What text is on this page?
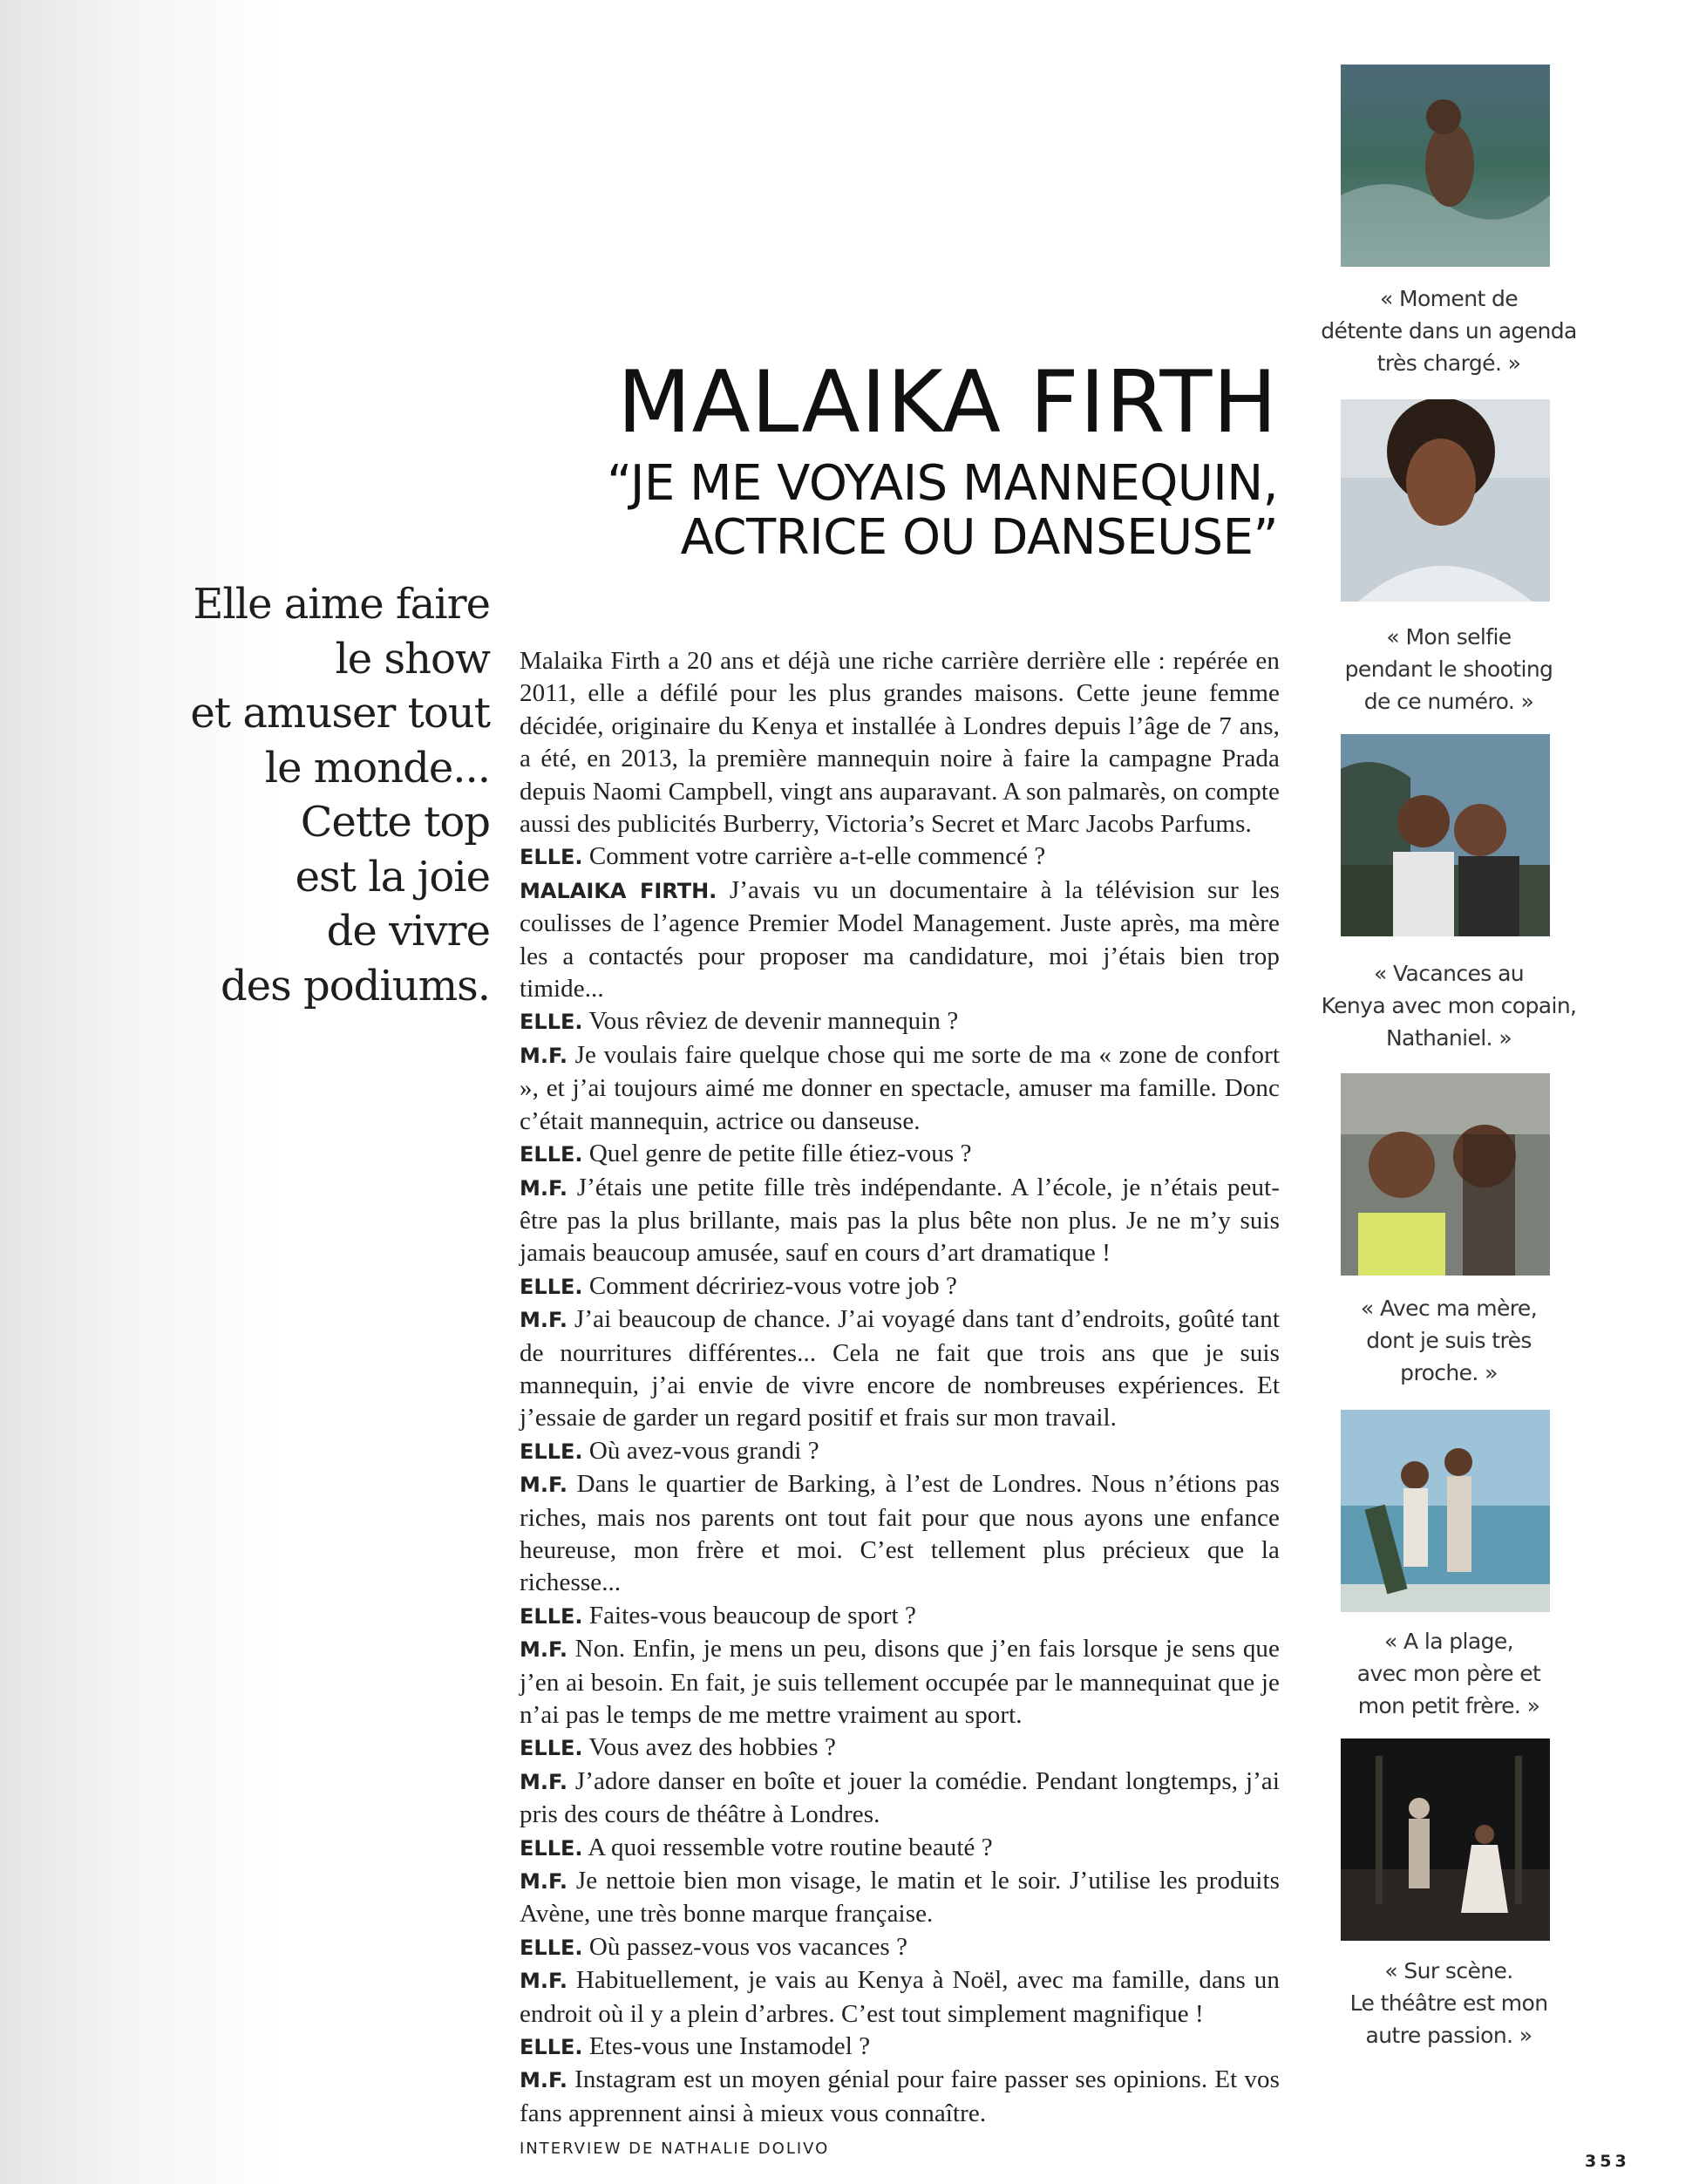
MALAIKA FIRTH
“JE ME VOYAIS MANNEQUIN,
ACTRICE OU DANSEUSE”
Elle aime faire
le show
et amuser tout
le monde...
Cette top
est la joie
de vivre
des podiums.

Malaika Firth a 20 ans et déjà une riche carrière derrière elle : repérée en 2011, elle a défilé pour les plus grandes maisons. Cette jeune femme décidée, originaire du Kenya et installée à Londres depuis l’âge de 7 ans, a été, en 2013, la première mannequin noire à faire la campagne Prada depuis Naomi Campbell, vingt ans auparavant. A son palmarès, on compte aussi des publicités Burberry, Victoria’s Secret et Marc Jacobs Parfums.

ELLE. Comment votre carrière a-t-elle commencé ?

MALAIKA FIRTH. J’avais vu un documentaire à la télévision sur les coulisses de l’agence Premier Model Management. Juste après, ma mère les a contactés pour proposer ma candidature, moi j’étais bien trop timide...

ELLE. Vous rêviez de devenir mannequin ?

M.F. Je voulais faire quelque chose qui me sorte de ma « zone de confort », et j’ai toujours aimé me donner en spectacle, amuser ma famille. Donc c’était mannequin, actrice ou danseuse.

ELLE. Quel genre de petite fille étiez-vous ?

M.F. J’étais une petite fille très indépendante. A l’école, je n’étais peut-être pas la plus brillante, mais pas la plus bête non plus. Je ne m’y suis jamais beaucoup amusée, sauf en cours d’art dramatique !

ELLE. Comment décririez-vous votre job ?

M.F. J’ai beaucoup de chance. J’ai voyagé dans tant d’endroits, goûté tant de nourritures différentes... Cela ne fait que trois ans que je suis mannequin, j’ai envie de vivre encore de nombreuses expériences. Et j’essaie de garder un regard positif et frais sur mon travail.

ELLE. Où avez-vous grandi ?

M.F. Dans le quartier de Barking, à l’est de Londres. Nous n’étions pas riches, mais nos parents ont tout fait pour que nous ayons une enfance heureuse, mon frère et moi. C’est tellement plus précieux que la richesse...

ELLE. Faites-vous beaucoup de sport ?

M.F. Non. Enfin, je mens un peu, disons que j’en fais lorsque je sens que j’en ai besoin. En fait, je suis tellement occupée par le mannequinat que je n’ai pas le temps de me mettre vraiment au sport.

ELLE. Vous avez des hobbies ?

M.F. J’adore danser en boîte et jouer la comédie. Pendant longtemps, j’ai pris des cours de théâtre à Londres.

ELLE. A quoi ressemble votre routine beauté ?

M.F. Je nettoie bien mon visage, le matin et le soir. J’utilise les produits Avène, une très bonne marque française.

ELLE. Où passez-vous vos vacances ?

M.F. Habituellement, je vais au Kenya à Noël, avec ma famille, dans un endroit où il y a plein d’arbres. C’est tout simplement magnifique !

ELLE. Etes-vous une Instamodel ?

M.F. Instagram est un moyen génial pour faire passer ses opinions. Et vos fans apprennent ainsi à mieux vous connaître.

INTERVIEW DE NATHALIE DOLIVO

« Moment de
détente dans un agenda
très chargé. »
« Mon selfie
pendant le shooting
de ce numéro. »
« Vacances au
Kenya avec mon copain,
Nathaniel. »
« Avec ma mère,
dont je suis très
proche. »
« A la plage,
avec mon père et
mon petit frère. »
« Sur scène.
Le théâtre est mon
autre passion. »
353
